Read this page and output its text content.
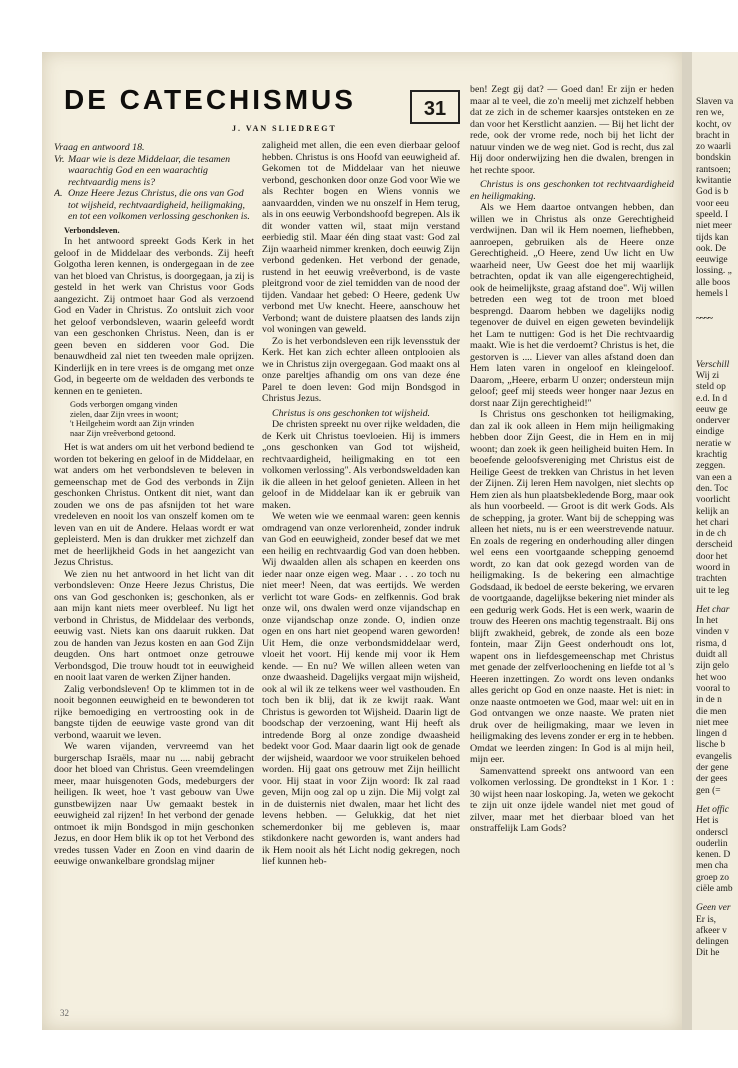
DE CATECHISMUS	31
J. VAN SLIEDREGT

Vraag en antwoord 18.

Vr. Maar wie is deze Middelaar, die tesamen waarachtig God en een waarachtig rechtvaardig mens is?
A. Onze Heere Jezus Christus, die ons van God tot wijsheid, rechtvaardigheid, heiligmaking, en tot een volkomen verlossing geschonken is.
Verbondsleven.

In het antwoord spreekt Gods Kerk in het geloof in de Middelaar des verbonds. Zij heeft Golgotha leren kennen, is ondergegaan in de zee van het bloed van Christus, is doorgegaan, ja zij is gesteld in het werk van Christus voor Gods aangezicht. Zij ontmoet haar God als verzoend God en Vader in Christus. Zo ontsluit zich voor het geloof verbondsleven, waarin geleefd wordt van een geschonken Christus. Neen, dan is er geen beven en sidderen voor God. Die benauwdheid zal niet ten tweeden male oprijzen. Kinderlijk en in tere vrees is de omgang met onze God, in begeerte om de weldaden des verbonds te kennen en te genieten.

Gods verborgen omgang vinden
zielen, daar Zijn vrees in woont;
't Heilgeheim wordt aan Zijn vrinden
naar Zijn vreêverbond getoond.

Het is wat anders om uit het verbond bediend te worden tot bekering en geloof in de Middelaar, en wat anders om het verbondsleven te beleven in gemeenschap met de God des verbonds in Zijn geschonken Christus. Ontkent dit niet, want dan zouden we ons de pas afsnijden tot het ware vredeleven en nooit los van onszelf komen om te leven van en uit de Andere. Helaas wordt er wat gepleisterd. Men is dan drukker met zichzelf dan met de heerlijkheid Gods in het aangezicht van Jezus Christus.

We zien nu het antwoord in het licht van dit verbondsleven: Onze Heere Jezus Christus, Die ons van God geschonken is; geschonken, als er aan mijn kant niets meer overbleef. Nu ligt het verbond in Christus, de Middelaar des verbonds, eeuwig vast. Niets kan ons daaruit rukken. Dat zou de handen van Jezus kosten en aan God Zijn deugden. Ons hart ontmoet onze getrouwe Verbondsgod, Die trouw houdt tot in eeuwigheid en nooit laat varen de werken Zijner handen.

Zalig verbondsleven! Op te klimmen tot in de nooit begonnen eeuwigheid en te bewonderen tot rijke bemoediging en vertroosting ook in de bangste tijden de eeuwige vaste grond van dit verbond, waaruit we leven.

We waren vijanden, vervreemd van het burgerschap Israëls, maar nu .... nabij gebracht door het bloed van Christus. Geen vreemdelingen meer, maar huisgenoten Gods, medeburgers der heiligen. Ik weet, hoe 't vast gebouw van Uwe gunstbewijzen naar Uw gemaakt bestek in eeuwigheid zal rijzen! In het verbond der genade ontmoet ik mijn Bondsgod in mijn geschonken Jezus, en door Hem blik ik op tot het Verbond des vredes tussen Vader en Zoon en vind daarin de eeuwige onwankelbare grondslag mijner

zaligheid met allen, die een even dierbaar geloof hebben. Christus is ons Hoofd van eeuwigheid af. Gekomen tot de Middelaar van het nieuwe verbond, geschonken door onze God voor Wie we als Rechter bogen en Wiens vonnis we aanvaardden, vinden we nu onszelf in Hem terug, als in ons eeuwig Verbondshoofd begrepen. Als ik dit wonder vatten wil, staat mijn verstand eerbiedig stil. Maar één ding staat vast: God zal Zijn waarheid nimmer krenken, doch eeuwig Zijn verbond gedenken. Het verbond der genade, rustend in het eeuwig vreêverbond, is de vaste pleitgrond voor de ziel temidden van de nood der tijden. Vandaar het gebed: O Heere, gedenk Uw verbond met Uw knecht. Heere, aanschouw het Verbond; want de duistere plaatsen des lands zijn vol woningen van geweld.

Zo is het verbondsleven een rijk levensstuk der Kerk. Het kan zich echter alleen ontplooien als we in Christus zijn overgegaan. God maakt ons al onze pareltjes afhandig om ons van deze éne Parel te doen leven: God mijn Bondsgod in Christus Jezus.

Christus is ons geschonken tot wijsheid.

De christen spreekt nu over rijke weldaden, die de Kerk uit Christus toevloeien. Hij is immers „ons geschonken van God tot wijsheid, rechtvaardigheid, heiligmaking en tot een volkomen verlossing". Als verbondsweldaden kan ik die alleen in het geloof genieten. Alleen in het geloof in de Middelaar kan ik er gebruik van maken.

We weten wie we eenmaal waren: geen kennis omdragend van onze verlorenheid, zonder indruk van God en eeuwigheid, zonder besef dat we met een heilig en rechtvaardig God van doen hebben. Wij dwaalden allen als schapen en keerden ons ieder naar onze eigen weg. Maar . . . zo toch nu niet meer! Neen, dat was eertijds. We werden verlicht tot ware Gods- en zelfkennis. God brak onze wil, ons dwalen werd onze vijandschap en onze vijandschap onze zonde. O, indien onze ogen en ons hart niet geopend waren geworden! Uit Hem, die onze verbondsmiddelaar werd, vloeit het voort. Hij kende mij voor ik Hem kende. — En nu? We willen alleen weten van onze dwaasheid. Dagelijks vergaat mijn wijsheid, ook al wil ik ze telkens weer wel vasthouden. En toch ben ik blij, dat ik ze kwijt raak. Want Christus is geworden tot Wijsheid. Daarin ligt de boodschap der verzoening, want Hij heeft als intredende Borg al onze zondige dwaasheid bedekt voor God. Maar daarin ligt ook de genade der wijsheid, waardoor we voor struikelen behoed worden. Hij gaat ons getrouw met Zijn heillicht voor. Hij staat in voor Zijn woord: Ik zal raad geven, Mijn oog zal op u zijn. Die Mij volgt zal in de duisternis niet dwalen, maar het licht des levens hebben. — Gelukkig, dat het niet schemerdonker bij me gebleven is, maar stikdonkere nacht geworden is, want anders had ik Hem nooit als hét Licht nodig gekregen, noch lief kunnen heb-

ben! Zegt gij dat? — Goed dan! Er zijn er heden maar al te veel, die zo'n meelij met zichzelf hebben dat ze zich in de schemer kaarsjes ontsteken en ze dan voor het Kerstlicht aanzien. — Bij het licht der rede, ook der vrome rede, noch bij het licht der natuur vinden we de weg niet. God is recht, dus zal Hij door onderwijzing hen die dwalen, brengen in het rechte spoor.

Christus is ons geschonken tot rechtvaardigheid en heiligmaking.

Als we Hem daartoe ontvangen hebben, dan willen we in Christus als onze Gerechtigheid verdwijnen. Dan wil ik Hem noemen, liefhebben, aanroepen, gebruiken als de Heere onze Gerechtigheid. „O Heere, zend Uw licht en Uw waarheid neer, Uw Geest doe het mij waarlijk betrachten, opdat ik van alle eigengerechtigheid, ook de heimelijkste, graag afstand doe". Wij willen betreden een weg tot de troon met bloed besprengd. Daarom hebben we dagelijks nodig tegenover de duivel en eigen geweten bevindelijk het Lam te nuttigen: God is het Die rechtvaardig maakt. Wie is het die verdoemt? Christus is het, die gestorven is .... Liever van alles afstand doen dan Hem laten varen in ongeloof en kleingeloof. Daarom, „Heere, erbarm U onzer; ondersteun mijn geloof; geef mij steeds weer honger naar Jezus en dorst naar Zijn gerechtigheid!"

Is Christus ons geschonken tot heiligmaking, dan zal ik ook alleen in Hem mijn heiligmaking hebben door Zijn Geest, die in Hem en in mij woont; dan zoek ik geen heiligheid buiten Hem. In beoefende geloofsvereniging met Christus eist de Heilige Geest de trekken van Christus in het leven der Zijnen. Zij leren Hem navolgen, niet slechts op Hem zien als hun plaatsbekledende Borg, maar ook als hun voorbeeld. — Groot is dit werk Gods. Als de schepping, ja groter. Want bij de schepping was alleen het niets, nu is er een weerstrevende natuur. En zoals de regering en onderhouding aller dingen wel eens een voortgaande schepping genoemd wordt, zo kan dat ook gezegd worden van de heiligmaking. Is de bekering een almachtige Godsdaad, ik bedoel de eerste bekering, we ervaren de voortgaande, dagelijkse bekering niet minder als een gedurig werk Gods. Het is een werk, waarin de trouw des Heeren ons machtig tegenstraalt. Bij ons blijft zwakheid, gebrek, de zonde als een boze fontein, maar Zijn Geest onderhoudt ons lot, wapent ons in liefdesgemeenschap met Christus met genade der zelfverloochening en liefde tot al 's Heeren inzettingen. Zo wordt ons leven ondanks alles gericht op God en onze naaste. Het is niet: in onze naaste ontmoeten we God, maar wel: uit en in God ontvangen we onze naaste. We praten niet druk over de heiligmaking, maar we leven in heiligmaking des levens zonder er erg in te hebben. Omdat we leerden zingen: In God is al mijn heil, mijn eer.

Samenvattend spreekt ons antwoord van een volkomen verlossing. De grondtekst in 1 Kor. 1 : 30 wijst heen naar loskoping. Ja, weten we gekocht te zijn uit onze ijdele wandel niet met goud of zilver, maar met het dierbaar bloed van het onstraffelijk Lam Gods?

32
Slaven va
ren we,
kocht, ov
bracht in
zo waarli
bondskin
rantsoen;
kwitantie
God is b
voor eeu
speeld. I
niet meer
tijds kan
ook. De
eeuwige
lossing. „
alle boos
hemels l
~~~~
Verschill
Wij zi
steld op
e.d. In d
eeuw ge
onderver
eindige
neratie w
krachtig
zeggen.
van een a
den. Toc
voorlicht
kelijk an
het chari
in de ch
derscheid
door het
woord in
trachten
uit te leg
Het char
In het
vinden v
risma, d
duidt all
zijn gelo
het woo
vooral to
in de n
die men
niet mee
lingen d
lische b
evangelis
der gene
der gees
gen (=
Het offic
Het is
onderscl
ouderlin
kenen. D
men cha
groep zo
ciële amb
Geen ver
Er is,
afkeer v
delingen
Dit he
